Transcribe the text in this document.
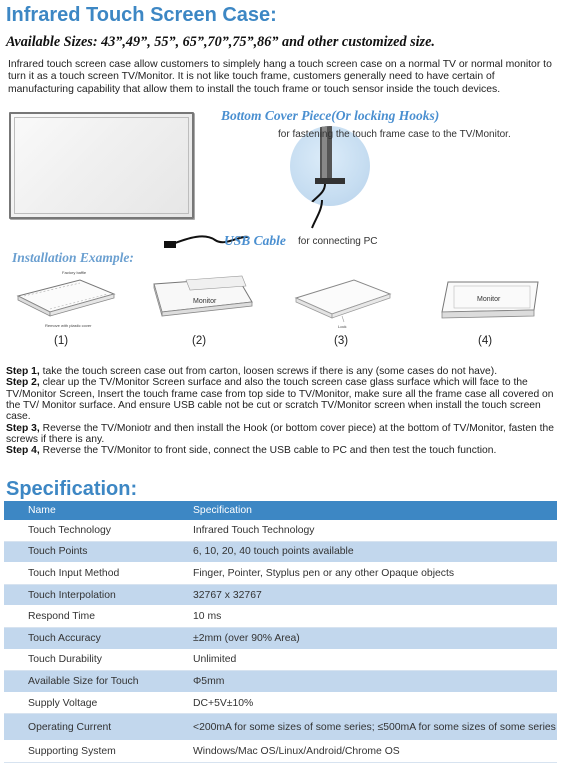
Infrared Touch Screen Case:
Available Sizes: 43”,49”, 55”, 65”,70”,75”,86” and other customized size.

Infrared touch screen case allow customers to simplely hang a touch screen case on a normal TV or normal monitor to turn it as a touch screen TV/Monitor. It is not like touch frame, customers generally need to have certain of manufacturing capability that allow them to install the touch frame or touch sensor inside the touch devices.

Bottom Cover Piece(Or locking Hooks)
for fastening the touch frame case to the TV/Monitor.
USB Cable for connecting PC
Installation Example:
Factory baffle
Remove with plastic cover
(1)
Monitor
(2)
Lock
(3)
Monitor
(4)

Step 1, take the touch screen case out from carton, loosen screws if there is any (some cases do not have).

Step 2, clear up the TV/Monitor Screen surface and also the touch screen case glass surface which will face to the TV/Monitor Screen, Insert the touch frame case from top side to TV/Monitor, make sure all the frame case all covered on the TV/ Monitor surface. And ensure USB cable not be cut or scratch TV/Monitor screen when install the touch screen case.

Step 3, Reverse the TV/Moniotr and then install the Hook (or bottom cover piece) at the bottom of TV/Monitor, fasten the screws if there is any.

Step 4, Reverse the TV/Monitor to front side, connect the USB cable to PC and then test the touch function.

Specification:
Name	Specification
Touch Technology	Infrared Touch Technology
Touch Points	6, 10, 20, 40 touch points available
Touch Input Method	Finger, Pointer, Styplus pen or any other Opaque objects
Touch Interpolation	32767 x 32767
Respond Time	10 ms
Touch Accuracy	±2mm (over 90% Area)
Touch Durability	Unlimited
Available Size for Touch	Φ5mm
Supply Voltage	DC+5V±10%
Operating Current	<200mA for some sizes of some series; ≤500mA for some sizes of some series
Supporting System	Windows/Mac OS/Linux/Android/Chrome OS
